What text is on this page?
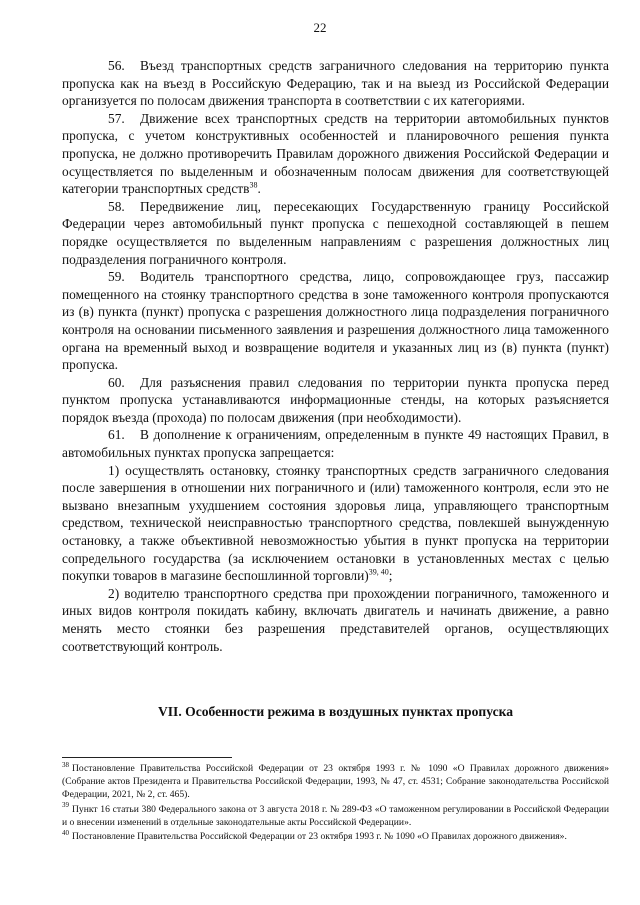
22

56. Въезд транспортных средств заграничного следования на территорию пункта пропуска как на въезд в Российскую Федерацию, так и на выезд из Российской Федерации организуется по полосам движения транспорта в соответствии с их категориями.

57. Движение всех транспортных средств на территории автомобильных пунктов пропуска, с учетом конструктивных особенностей и планировочного решения пункта пропуска, не должно противоречить Правилам дорожного движения Российской Федерации и осуществляется по выделенным и обозначенным полосам движения для соответствующей категории транспортных средств$^{38}$.

58. Передвижение лиц, пересекающих Государственную границу Российской Федерации через автомобильный пункт пропуска с пешеходной составляющей в пешем порядке осуществляется по выделенным направлениям с разрешения должностных лиц подразделения пограничного контроля.

59. Водитель транспортного средства, лицо, сопровождающее груз, пассажир помещенного на стоянку транспортного средства в зоне таможенного контроля пропускаются из (в) пункта (пункт) пропуска с разрешения должностного лица подразделения пограничного контроля на основании письменного заявления и разрешения должностного лица таможенного органа на временный выход и возвращение водителя и указанных лиц из (в) пункта (пункт) пропуска.

60. Для разъяснения правил следования по территории пункта пропуска перед пунктом пропуска устанавливаются информационные стенды, на которых разъясняется порядок въезда (прохода) по полосам движения (при необходимости).

61. В дополнение к ограничениям, определенным в пункте 49 настоящих Правил, в автомобильных пунктах пропуска запрещается:

1) осуществлять остановку, стоянку транспортных средств заграничного следования после завершения в отношении них пограничного и (или) таможенного контроля, если это не вызвано внезапным ухудшением состояния здоровья лица, управляющего транспортным средством, технической неисправностью транспортного средства, повлекшей вынужденную остановку, а также объективной невозможностью убытия в пункт пропуска на территории сопредельного государства (за исключением остановки в установленных местах с целью покупки товаров в магазине беспошлинной торговли)$^{39, 40}$;

2) водителю транспортного средства при прохождении пограничного, таможенного и иных видов контроля покидать кабину, включать двигатель и начинать движение, а равно менять место стоянки без разрешения представителей органов, осуществляющих соответствующий контроль.

VII. Особенности режима в воздушных пунктах пропуска

$^{38}$ Постановление Правительства Российской Федерации от 23 октября 1993 г. № 1090 «О Правилах дорожного движения» (Собрание актов Президента и Правительства Российской Федерации, 1993, № 47, ст. 4531; Собрание законодательства Российской Федерации, 2021, № 2, ст. 465).

$^{39}$ Пункт 16 статьи 380 Федерального закона от 3 августа 2018 г. № 289-ФЗ «О таможенном регулировании в Российской Федерации и о внесении изменений в отдельные законодательные акты Российской Федерации».

$^{40}$ Постановление Правительства Российской Федерации от 23 октября 1993 г. № 1090 «О Правилах дорожного движения».
